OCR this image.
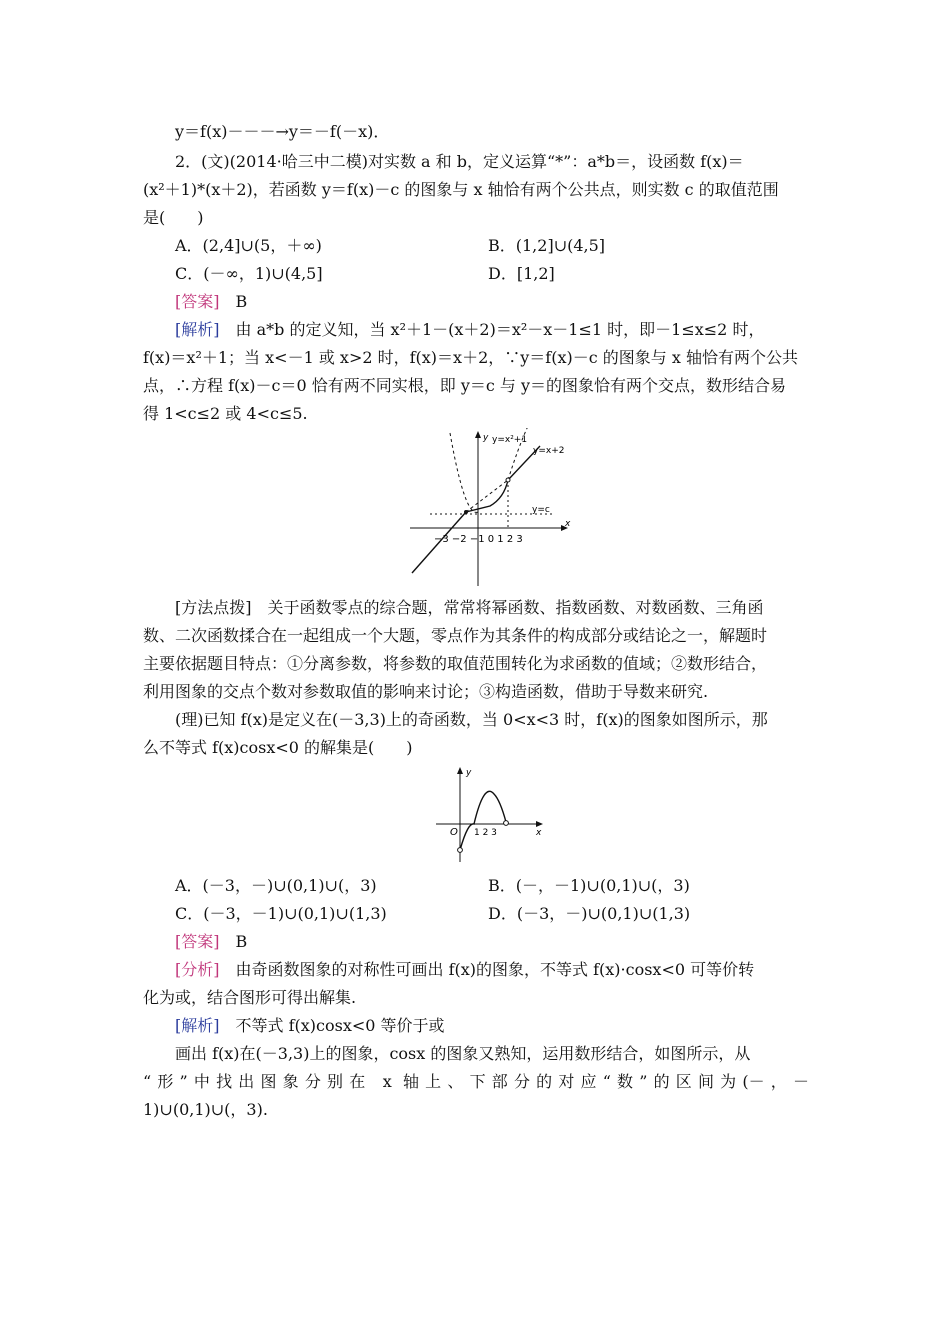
y＝f(x)－－－→y＝－f(－x)．
2．(文)(2014·哈三中二模)对实数 a 和 b，定义运算“*”：a*b＝，设函数 f(x)＝
(x²＋1)*(x＋2)，若函数 y＝f(x)－c 的图象与 x 轴恰有两个公共点，则实数 c 的取值范围
是(　　)
A．(2,4]∪(5，＋∞)	B．(1,2]∪(4,5]
C．(－∞，1)∪(4,5]	D．[1,2]
[答案]　B
[解析]　由 a*b 的定义知，当 x²＋1－(x＋2)＝x²－x－1≤1 时，即－1≤x≤2 时，
f(x)＝x²＋1；当 x<－1 或 x>2 时，f(x)＝x＋2，∵y＝f(x)－c 的图象与 x 轴恰有两个公共
点，∴方程 f(x)－c＝0 恰有两不同实根，即 y＝c 与 y＝的图象恰有两个交点，数形结合易
得 1<c≤2 或 4<c≤5.
y=x²+1
y=x+2
y=c
x
y
−3 −2 −1 0 1 2 3
[方法点拨]　关于函数零点的综合题，常常将幂函数、指数函数、对数函数、三角函
数、二次函数揉合在一起组成一个大题，零点作为其条件的构成部分或结论之一，解题时
主要依据题目特点：①分离参数，将参数的取值范围转化为求函数的值域；②数形结合，
利用图象的交点个数对参数取值的影响来讨论；③构造函数，借助于导数来研究.
(理)已知 f(x)是定义在(－3,3)上的奇函数，当 0<x<3 时，f(x)的图象如图所示，那
么不等式 f(x)cosx<0 的解集是(　　)
y
x
O 1 2 3
A．(－3，－)∪(0,1)∪(，3)	B．(－，－1)∪(0,1)∪(，3)
C．(－3，－1)∪(0,1)∪(1,3)	D．(－3，－)∪(0,1)∪(1,3)
[答案]　B
[分析]　由奇函数图象的对称性可画出 f(x)的图象，不等式 f(x)·cosx<0 可等价转
化为或，结合图形可得出解集.
[解析]　不等式 f(x)cosx<0 等价于或
画出 f(x)在(－3,3)上的图象，cosx 的图象又熟知，运用数形结合，如图所示，从
“形”中找出图象分别在 x 轴上、下部分的对应“数”的区间为(－，－
1)∪(0,1)∪(，3).
